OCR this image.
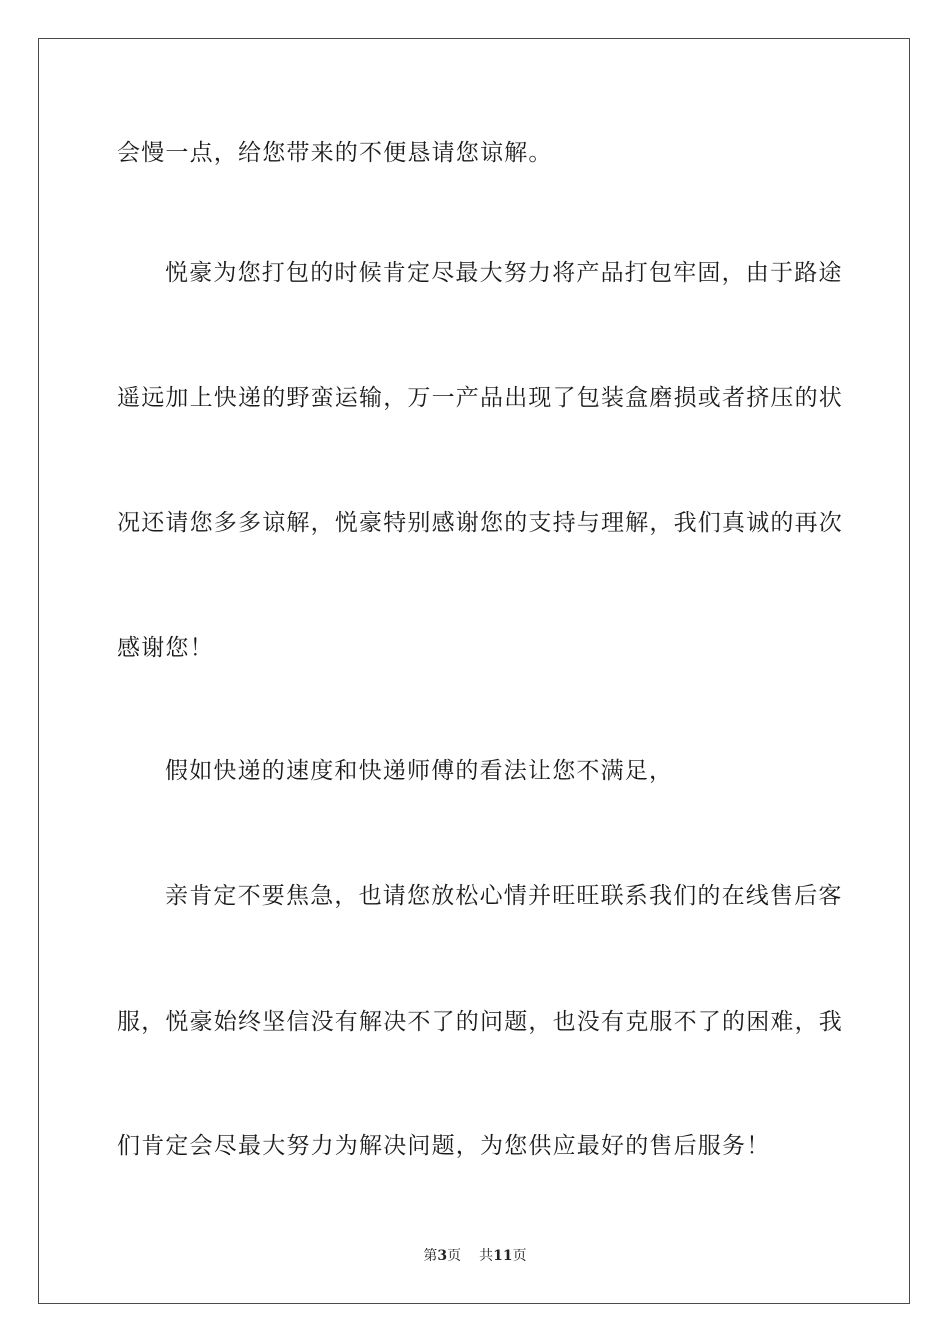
会慢一点，给您带来的不便恳请您谅解。
悦豪为您打包的时候肯定尽最大努力将产品打包牢固，由于路途
遥远加上快递的野蛮运输，万一产品出现了包装盒磨损或者挤压的状
况还请您多多谅解，悦豪特别感谢您的支持与理解，我们真诚的再次
感谢您！
假如快递的速度和快递师傅的看法让您不满足，
亲肯定不要焦急，也请您放松心情并旺旺联系我们的在线售后客
服，悦豪始终坚信没有解决不了的问题，也没有克服不了的困难，我
们肯定会尽最大努力为解决问题，为您供应最好的售后服务！
第3页 共11页
